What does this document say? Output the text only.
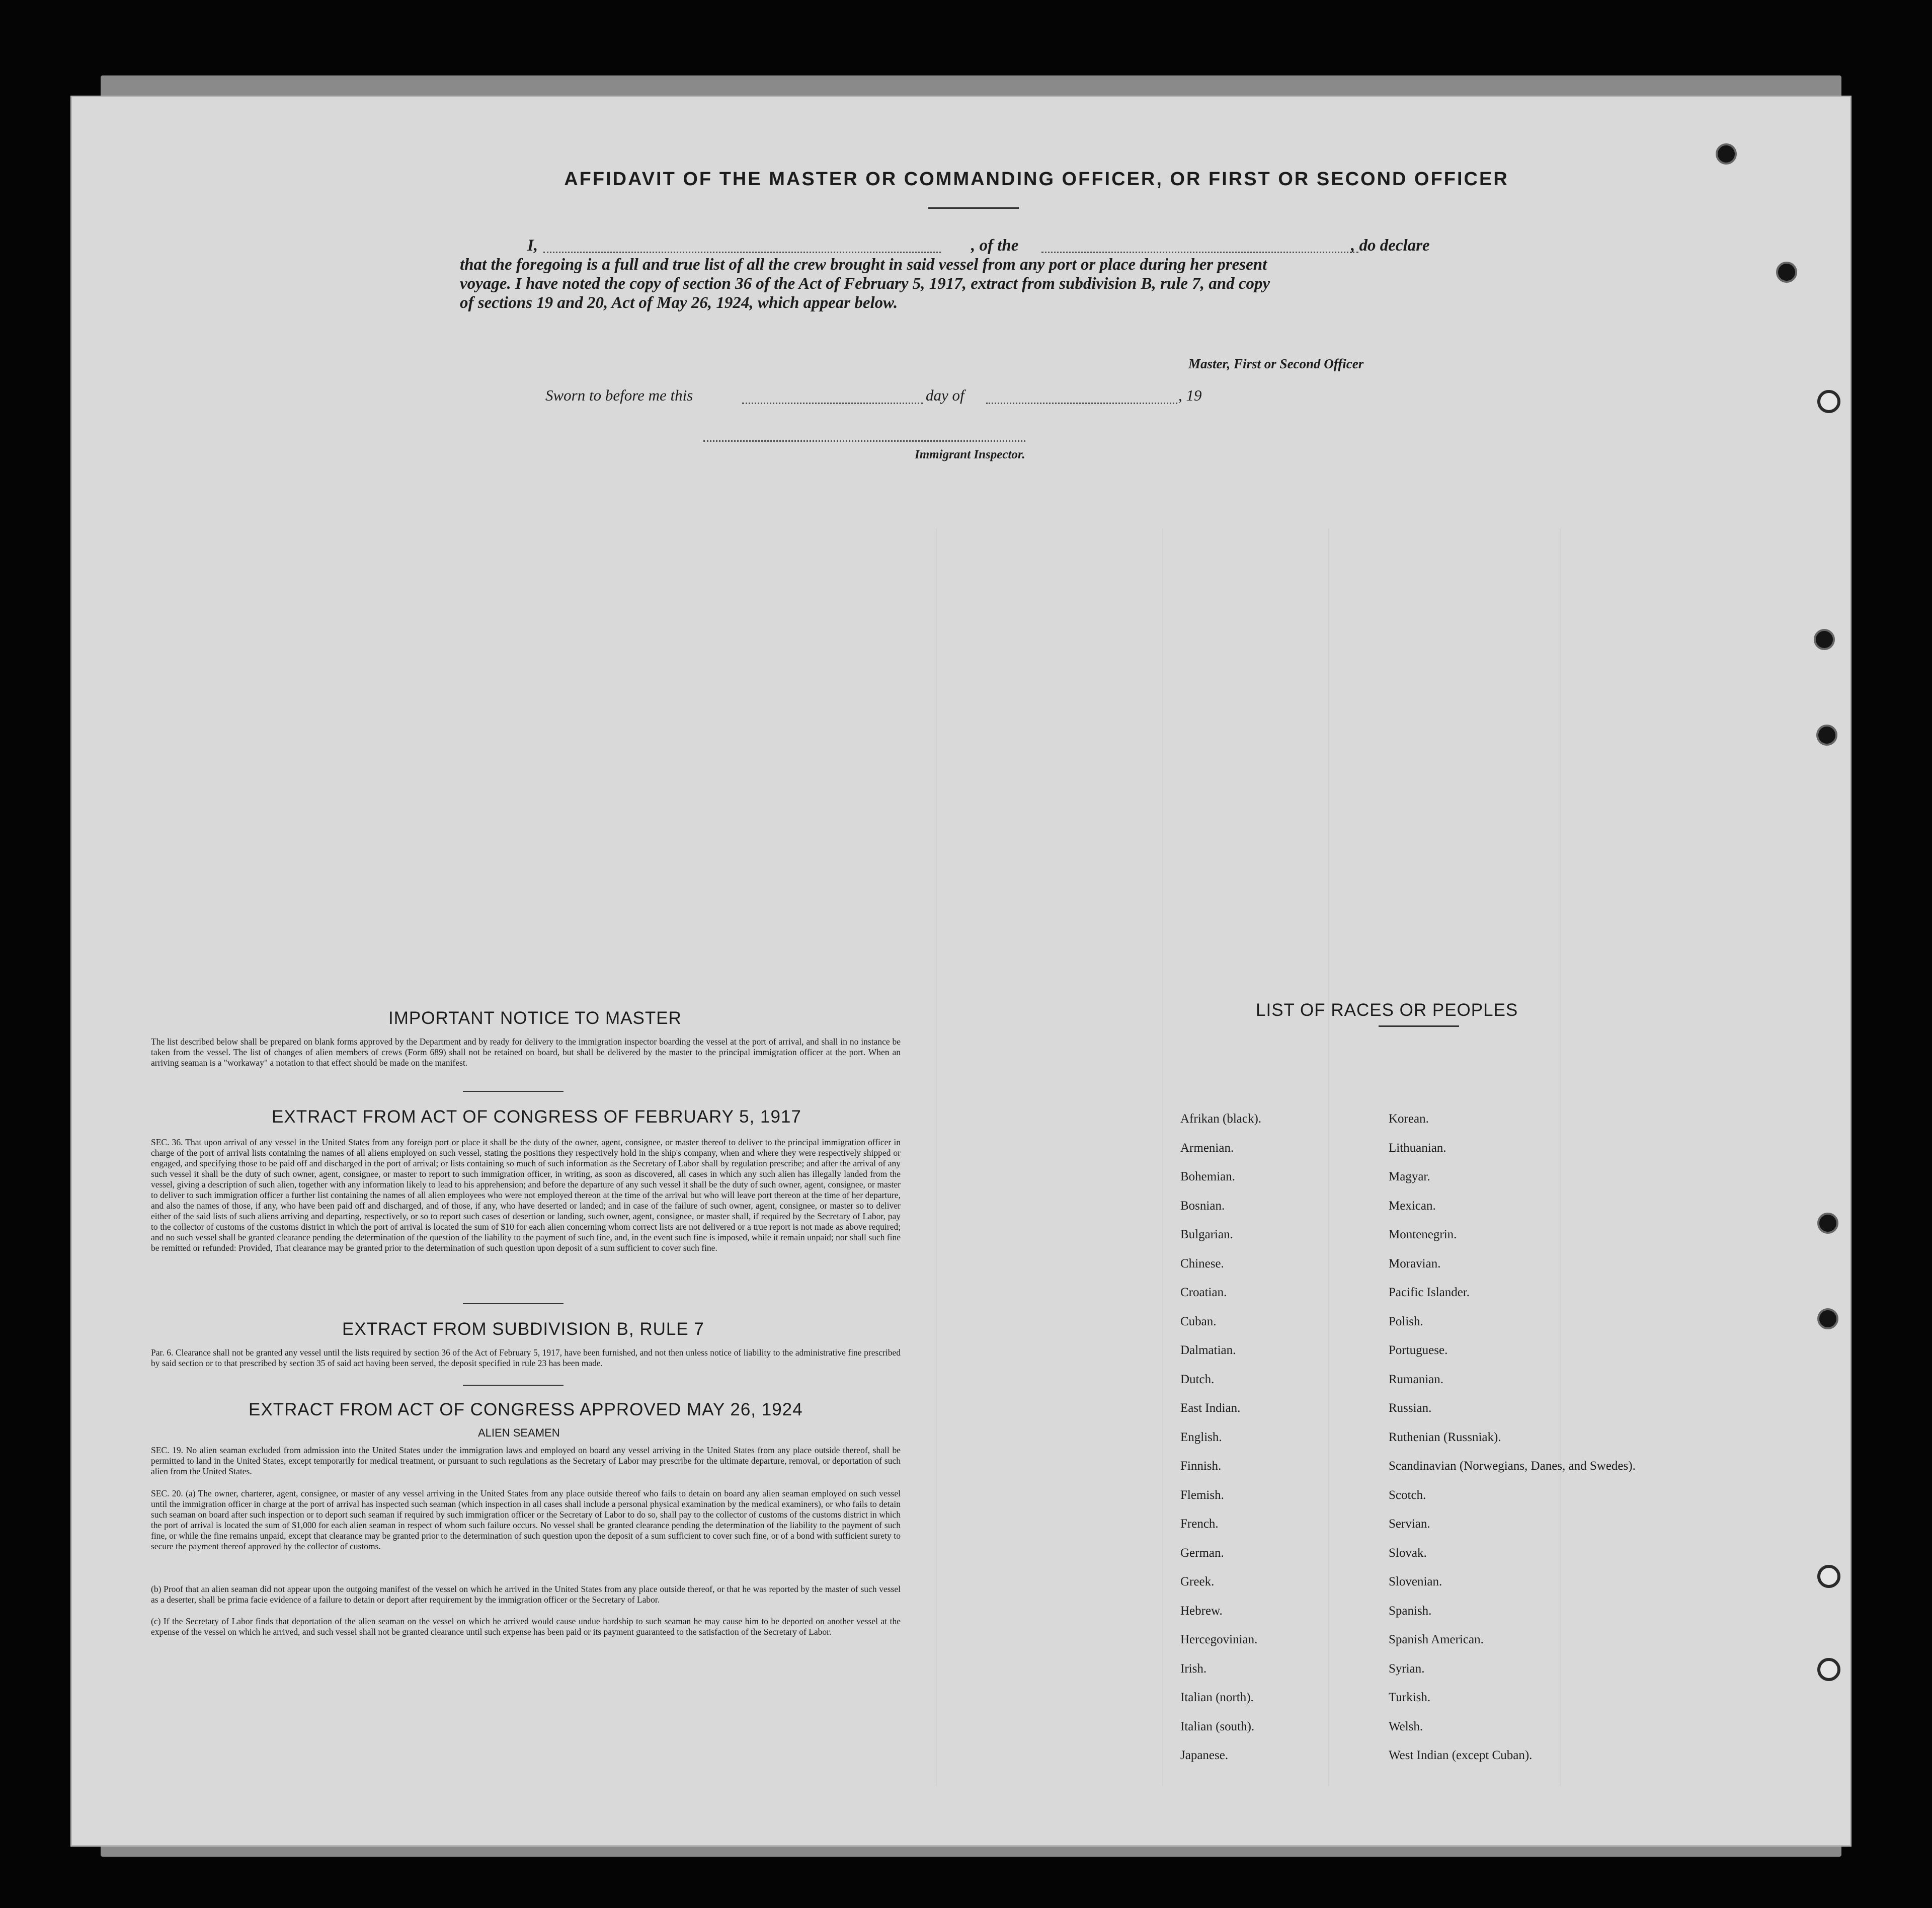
AFFIDAVIT OF THE MASTER OR COMMANDING OFFICER, OR FIRST OR SECOND OFFICER
I,	, of the	, do declare
that the foregoing is a full and true list of all the crew brought in said vessel from any port or place during her present
voyage. I have noted the copy of section 36 of the Act of February 5, 1917, extract from subdivision B, rule 7, and copy
of sections 19 and 20, Act of May 26, 1924, which appear below.
Master, First or Second Officer
Sworn to before me this	day of	, 19
Immigrant Inspector.
IMPORTANT NOTICE TO MASTER
The list described below shall be prepared on blank forms approved by the Department and by ready for delivery to the immigration inspector boarding the vessel at the port of arrival, and shall in no instance be taken from the vessel. The list of changes of alien members of crews (Form 689) shall not be retained on board, but shall be delivered by the master to the principal immigration officer at the port. When an arriving seaman is a "workaway" a notation to that effect should be made on the manifest.
EXTRACT FROM ACT OF CONGRESS OF FEBRUARY 5, 1917
SEC. 36. That upon arrival of any vessel in the United States from any foreign port or place it shall be the duty of the owner, agent, consignee, or master thereof to deliver to the principal immigration officer in charge of the port of arrival lists containing the names of all aliens employed on such vessel, stating the positions they respectively hold in the ship's company, when and where they were respectively shipped or engaged, and specifying those to be paid off and discharged in the port of arrival; or lists containing so much of such information as the Secretary of Labor shall by regulation prescribe; and after the arrival of any such vessel it shall be the duty of such owner, agent, consignee, or master to report to such immigration officer, in writing, as soon as discovered, all cases in which any such alien has illegally landed from the vessel, giving a description of such alien, together with any information likely to lead to his apprehension; and before the departure of any such vessel it shall be the duty of such owner, agent, consignee, or master to deliver to such immigration officer a further list containing the names of all alien employees who were not employed thereon at the time of the arrival but who will leave port thereon at the time of her departure, and also the names of those, if any, who have been paid off and discharged, and of those, if any, who have deserted or landed; and in case of the failure of such owner, agent, consignee, or master so to deliver either of the said lists of such aliens arriving and departing, respectively, or so to report such cases of desertion or landing, such owner, agent, consignee, or master shall, if required by the Secretary of Labor, pay to the collector of customs of the customs district in which the port of arrival is located the sum of $10 for each alien concerning whom correct lists are not delivered or a true report is not made as above required; and no such vessel shall be granted clearance pending the determination of the question of the liability to the payment of such fine, and, in the event such fine is imposed, while it remain unpaid; nor shall such fine be remitted or refunded: Provided, That clearance may be granted prior to the determination of such question upon deposit of a sum sufficient to cover such fine.
EXTRACT FROM SUBDIVISION B, RULE 7
Par. 6. Clearance shall not be granted any vessel until the lists required by section 36 of the Act of February 5, 1917, have been furnished, and not then unless notice of liability to the administrative fine prescribed by said section or to that prescribed by section 35 of said act having been served, the deposit specified in rule 23 has been made.
EXTRACT FROM ACT OF CONGRESS APPROVED MAY 26, 1924
ALIEN SEAMEN
SEC. 19. No alien seaman excluded from admission into the United States under the immigration laws and employed on board any vessel arriving in the United States from any place outside thereof, shall be permitted to land in the United States, except temporarily for medical treatment, or pursuant to such regulations as the Secretary of Labor may prescribe for the ultimate departure, removal, or deportation of such alien from the United States.
SEC. 20. (a) The owner, charterer, agent, consignee, or master of any vessel arriving in the United States from any place outside thereof who fails to detain on board any alien seaman employed on such vessel until the immigration officer in charge at the port of arrival has inspected such seaman (which inspection in all cases shall include a personal physical examination by the medical examiners), or who fails to detain such seaman on board after such inspection or to deport such seaman if required by such immigration officer or the Secretary of Labor to do so, shall pay to the collector of customs of the customs district in which the port of arrival is located the sum of $1,000 for each alien seaman in respect of whom such failure occurs. No vessel shall be granted clearance pending the determination of the liability to the payment of such fine, or while the fine remains unpaid, except that clearance may be granted prior to the determination of such question upon the deposit of a sum sufficient to cover such fine, or of a bond with sufficient surety to secure the payment thereof approved by the collector of customs.
(b) Proof that an alien seaman did not appear upon the outgoing manifest of the vessel on which he arrived in the United States from any place outside thereof, or that he was reported by the master of such vessel as a deserter, shall be prima facie evidence of a failure to detain or deport after requirement by the immigration officer or the Secretary of Labor.
(c) If the Secretary of Labor finds that deportation of the alien seaman on the vessel on which he arrived would cause undue hardship to such seaman he may cause him to be deported on another vessel at the expense of the vessel on which he arrived, and such vessel shall not be granted clearance until such expense has been paid or its payment guaranteed to the satisfaction of the Secretary of Labor.
LIST OF RACES OR PEOPLES
Afrikan (black).
Armenian.
Bohemian.
Bosnian.
Bulgarian.
Chinese.
Croatian.
Cuban.
Dalmatian.
Dutch.
East Indian.
English.
Finnish.
Flemish.
French.
German.
Greek.
Hebrew.
Hercegovinian.
Irish.
Italian (north).
Italian (south).
Japanese.
Korean.
Lithuanian.
Magyar.
Mexican.
Montenegrin.
Moravian.
Pacific Islander.
Polish.
Portuguese.
Rumanian.
Russian.
Ruthenian (Russniak).
Scandinavian (Norwegians, Danes, and Swedes).
Scotch.
Servian.
Slovak.
Slovenian.
Spanish.
Spanish American.
Syrian.
Turkish.
Welsh.
West Indian (except Cuban).
